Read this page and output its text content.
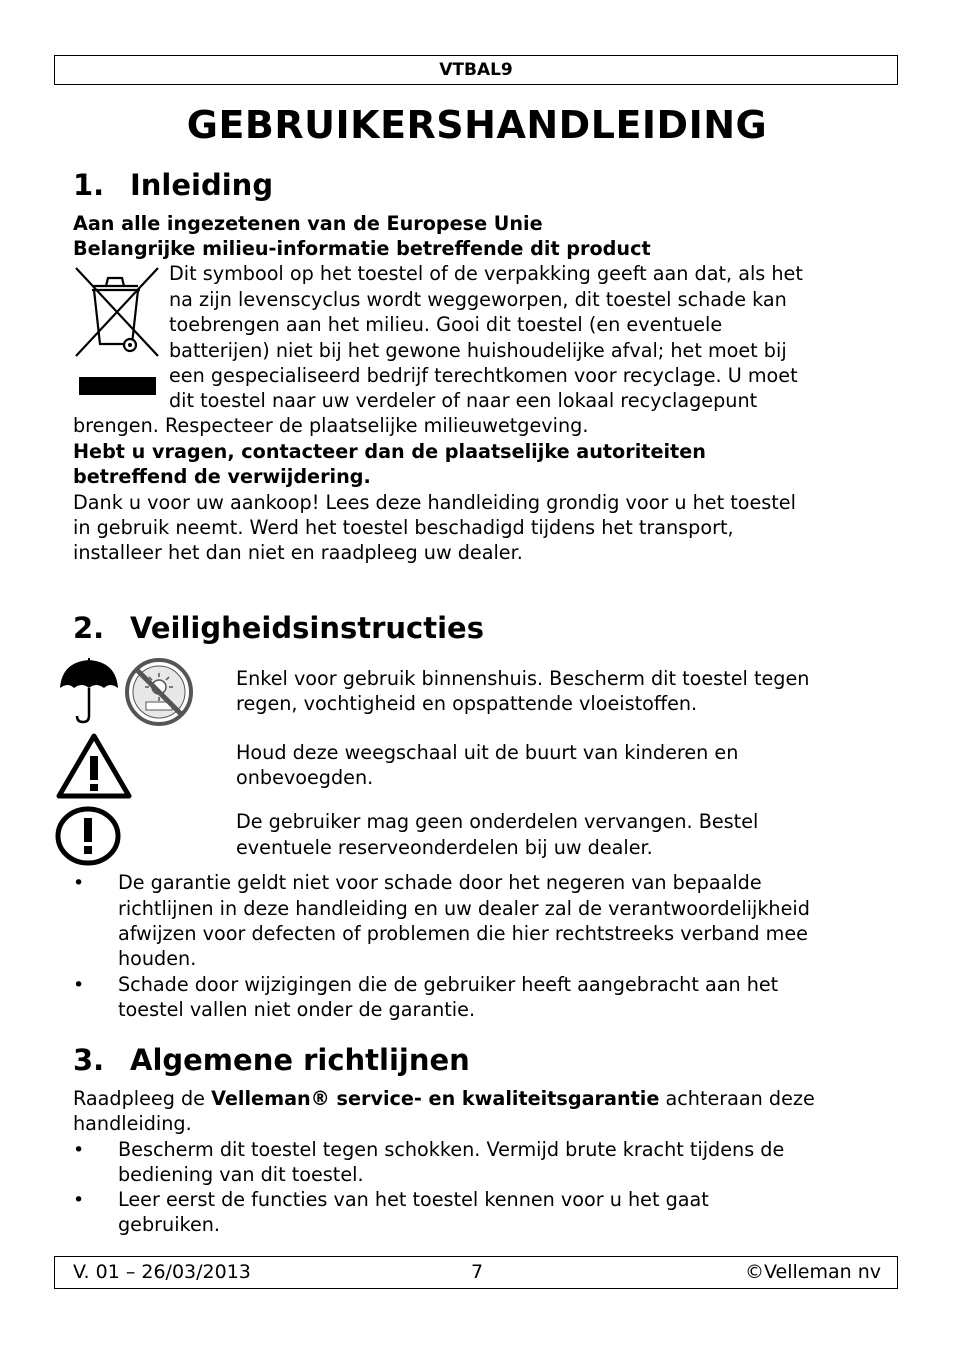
VTBAL9
GEBRUIKERSHANDLEIDING
1. Inleiding
Aan alle ingezetenen van de Europese Unie
Belangrijke milieu-informatie betreffende dit product
Dit symbool op het toestel of de verpakking geeft aan dat, als het
na zijn levenscyclus wordt weggeworpen, dit toestel schade kan
toebrengen aan het milieu. Gooi dit toestel (en eventuele
batterijen) niet bij het gewone huishoudelijke afval; het moet bij
een gespecialiseerd bedrijf terechtkomen voor recyclage. U moet
dit toestel naar uw verdeler of naar een lokaal recyclagepunt
brengen. Respecteer de plaatselijke milieuwetgeving.
Hebt u vragen, contacteer dan de plaatselijke autoriteiten
betreffend de verwijdering.
Dank u voor uw aankoop! Lees deze handleiding grondig voor u het toestel
in gebruik neemt. Werd het toestel beschadigd tijdens het transport,
installeer het dan niet en raadpleeg uw dealer.
2. Veiligheidsinstructies
Enkel voor gebruik binnenshuis. Bescherm dit toestel tegen
regen, vochtigheid en opspattende vloeistoffen.
Houd deze weegschaal uit de buurt van kinderen en
onbevoegden.
De gebruiker mag geen onderdelen vervangen. Bestel
eventuele reserveonderdelen bij uw dealer.
• De garantie geldt niet voor schade door het negeren van bepaalde
richtlijnen in deze handleiding en uw dealer zal de verantwoordelijkheid
afwijzen voor defecten of problemen die hier rechtstreeks verband mee
houden.
• Schade door wijzigingen die de gebruiker heeft aangebracht aan het
toestel vallen niet onder de garantie.
3. Algemene richtlijnen
Raadpleeg de Velleman® service- en kwaliteitsgarantie achteraan deze
handleiding.
• Bescherm dit toestel tegen schokken. Vermijd brute kracht tijdens de
bediening van dit toestel.
• Leer eerst de functies van het toestel kennen voor u het gaat
gebruiken.
V. 01 – 26/03/2013	7	©Velleman nv
